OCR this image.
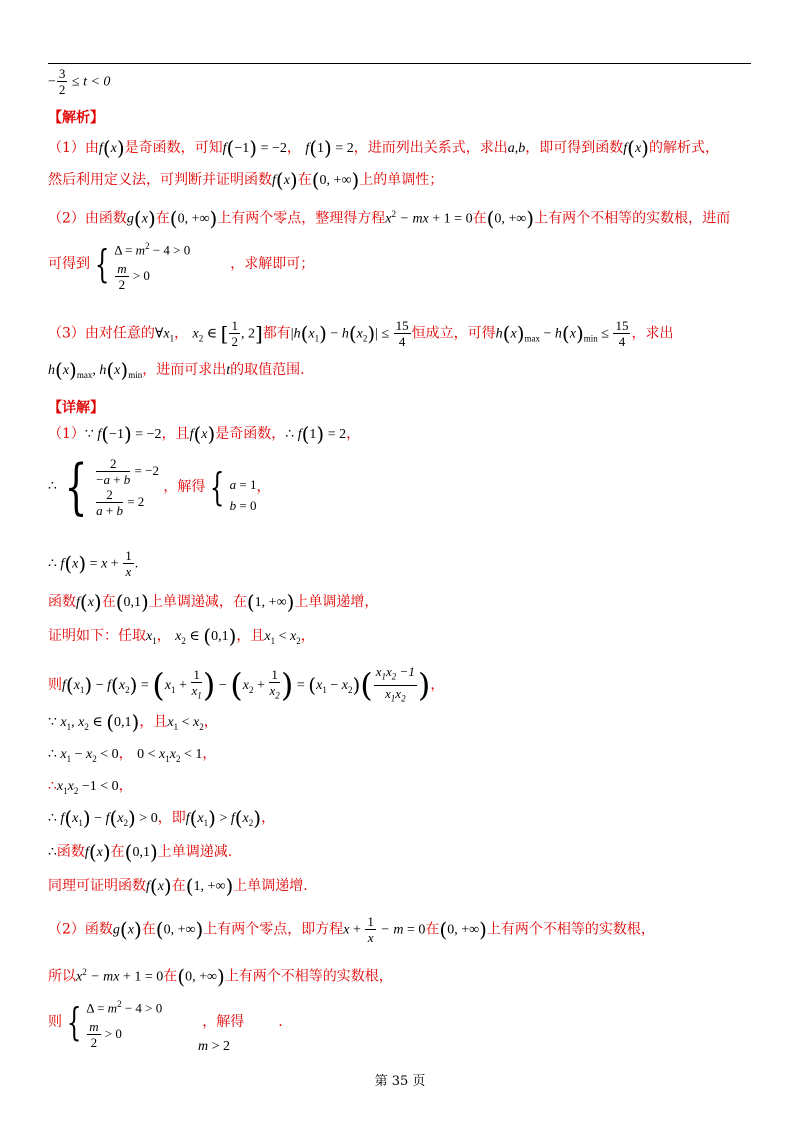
− $\frac{3}{2} \le t < 0$
【解析】
（1）由f(x)是奇函数，可知f(−1) = −2， f(1) = 2，进而列出关系式，求出a,b，即可得到函数f(x)的解析式，
然后利用定义法，可判断并证明函数f(x)在(0, +∞)上的单调性；
（2）由函数g(x)在(0, +∞)上有两个零点，整理得方程$x^2$ − mx + 1 = 0在(0, +∞)上有两个不相等的实数根，进而
可得到 { $\Delta = m^2 - 4 > 0$
$\frac{m}{2} > 0$
，求解即可；
（3）由对任意的$\forall x_1$， $x_2$ ∈ [ $\frac{1}{2}$ , 2]都有$|h(x_1) - h(x_2)| \le \frac{15}{4}$ 恒成立，可得$h(x)_{max} - h(x)_{min} \le \frac{15}{4}$ ，求出
$h(x)_{max}$, $h(x)_{min}$，进而可求出t的取值范围.
【详解】
（1）∵ f(−1) = −2，且f(x)是奇函数，∴ f(1) = 2，
∴ { $\frac{2}{-a + b} = -2$
$\frac{2}{a + b} = 2$
，解得 { a = 1
b = 0
，
∴ $f(x) = x + \frac{1}{x}$ .
函数f(x)在(0,1)上单调递减，在(1, +∞)上单调递增，
证明如下：任取$x_1$， $x_2$ ∈ (0,1)，且$x_1 < x_2$，
则$f(x_1) - f(x_2) = (x_1 + \frac{1}{x_1}$ ) − ($x_2 + \frac{1}{x_2}$ ) = $(x_1 - x_2)( \frac{x_1x_2 -1}{x_1x_2}$ )，
∵ $x_1$, $x_2$ ∈ (0,1)，且$x_1 < x_2$，
∴ $x_1 - x_2 < 0$， $0 < x_1x_2 < 1$，
$\therefore x_1x_2 -1 < 0$，
∴ $f(x_1) - f(x_2) > 0$，即$f(x_1) > f(x_2)$，
∴函数f(x)在(0,1)上单调递减.
同理可证明函数f(x)在(1, +∞)上单调递增.
（2）函数g(x)在(0, +∞)上有两个零点，即方程$x + \frac{1}{x} - m = 0$在(0, +∞)上有两个不相等的实数根，
所以$x^2$ − mx + 1 = 0在(0, +∞)上有两个不相等的实数根，
则 { $\Delta = m^2 - 4 > 0$
$\frac{m}{2} > 0$
，解得 .
m > 2
第 35 页
